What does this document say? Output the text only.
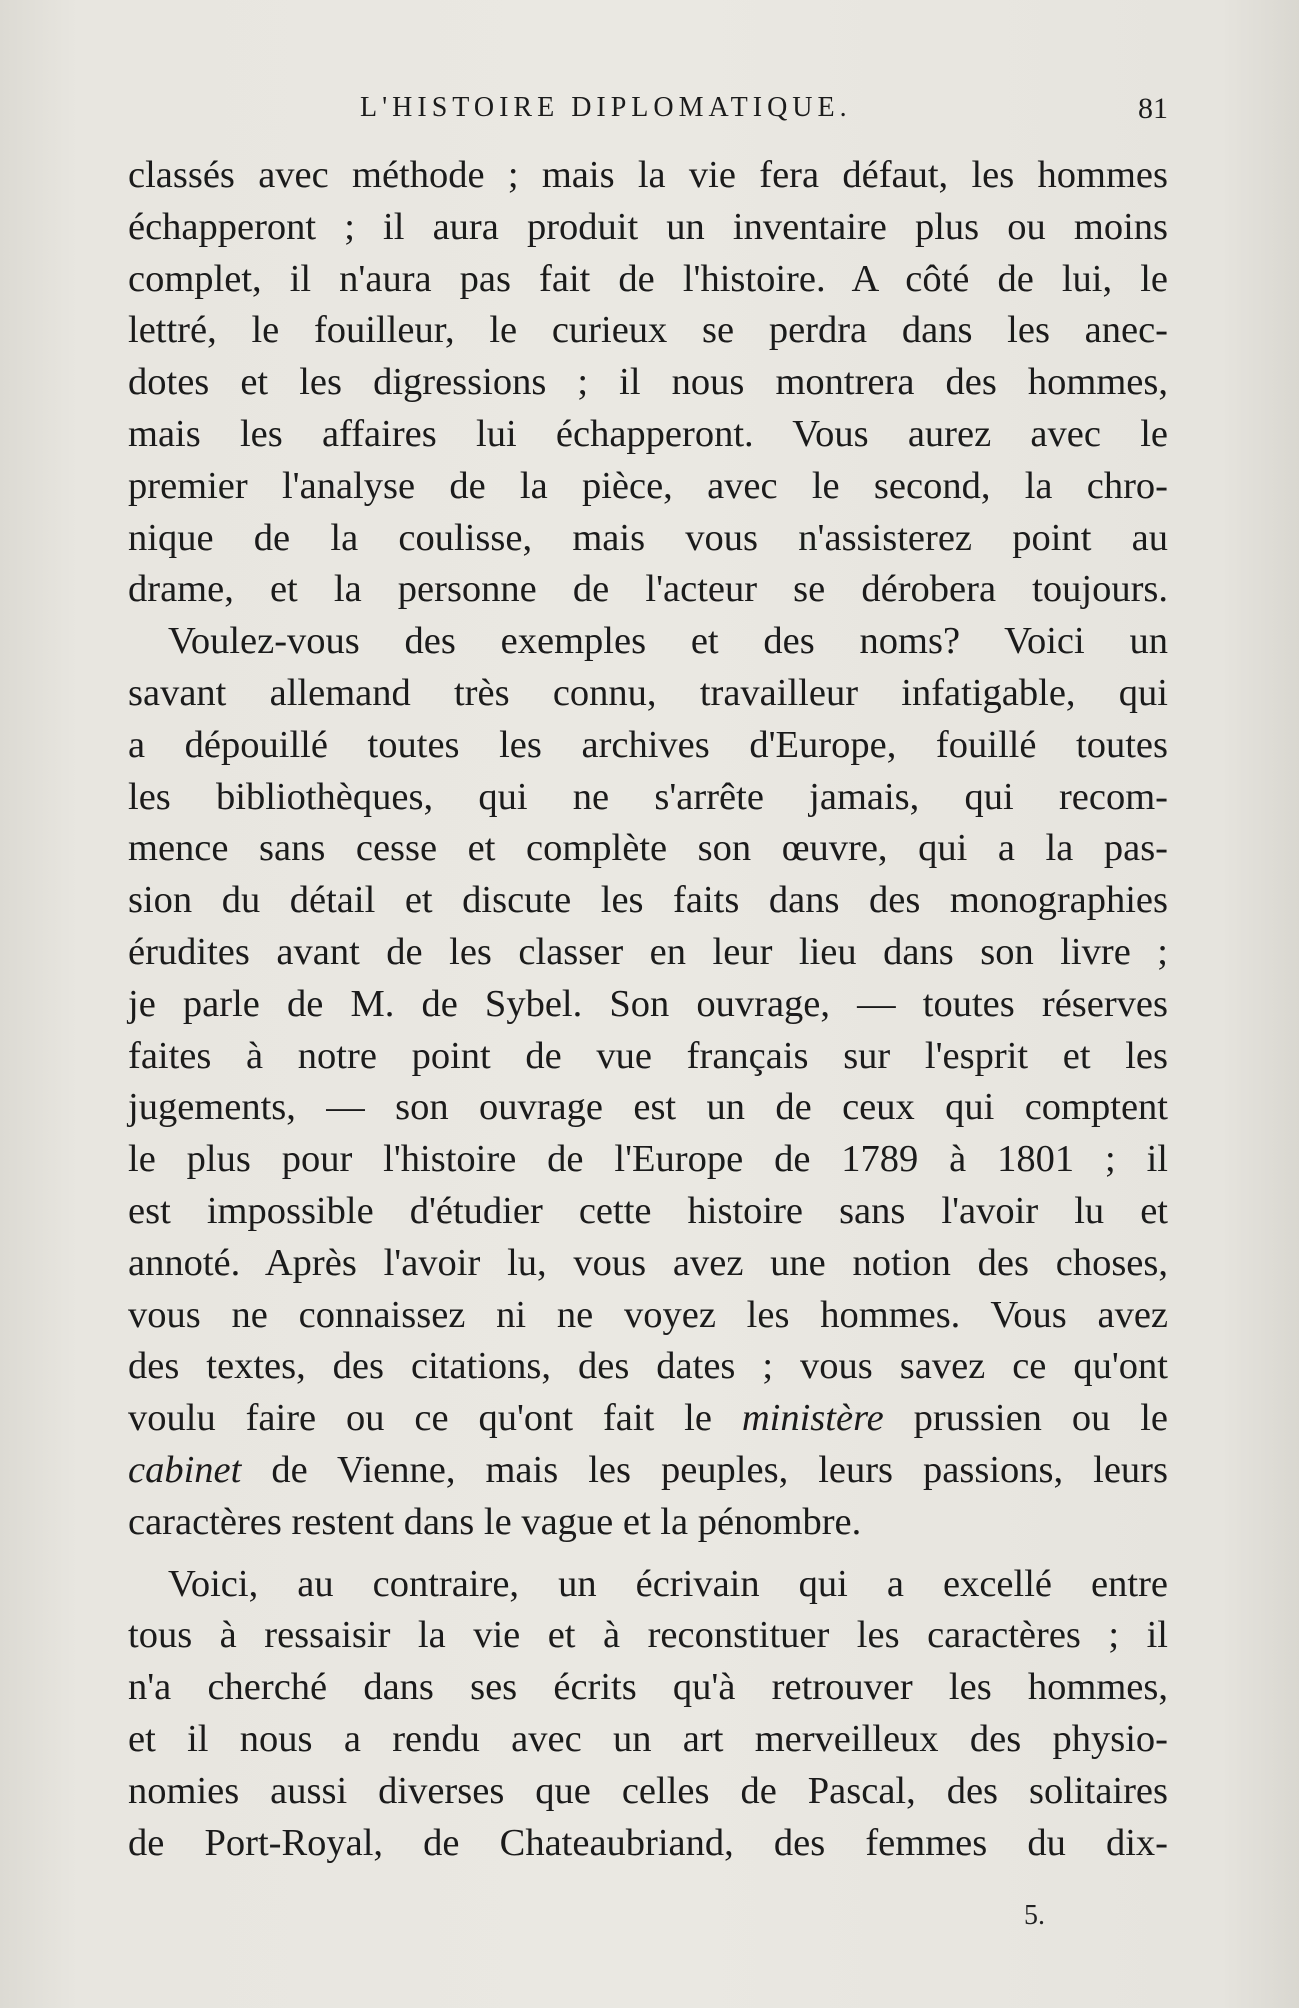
L'HISTOIRE DIPLOMATIQUE.	81
classés avec méthode ; mais la vie fera défaut, les hommes
échapperont ; il aura produit un inventaire plus ou moins
complet, il n'aura pas fait de l'histoire. A côté de lui, le
lettré, le fouilleur, le curieux se perdra dans les anec-
dotes et les digressions ; il nous montrera des hommes,
mais les affaires lui échapperont. Vous aurez avec le
premier l'analyse de la pièce, avec le second, la chro-
nique de la coulisse, mais vous n'assisterez point au
drame, et la personne de l'acteur se dérobera toujours.
Voulez-vous des exemples et des noms? Voici un
savant allemand très connu, travailleur infatigable, qui
a dépouillé toutes les archives d'Europe, fouillé toutes
les bibliothèques, qui ne s'arrête jamais, qui recom-
mence sans cesse et complète son œuvre, qui a la pas-
sion du détail et discute les faits dans des monographies
érudites avant de les classer en leur lieu dans son livre ;
je parle de M. de Sybel. Son ouvrage, — toutes réserves
faites à notre point de vue français sur l'esprit et les
jugements, — son ouvrage est un de ceux qui comptent
le plus pour l'histoire de l'Europe de 1789 à 1801 ; il
est impossible d'étudier cette histoire sans l'avoir lu et
annoté. Après l'avoir lu, vous avez une notion des choses,
vous ne connaissez ni ne voyez les hommes. Vous avez
des textes, des citations, des dates ; vous savez ce qu'ont
voulu faire ou ce qu'ont fait le ministère prussien ou le
cabinet de Vienne, mais les peuples, leurs passions, leurs
caractères restent dans le vague et la pénombre.
Voici, au contraire, un écrivain qui a excellé entre
tous à ressaisir la vie et à reconstituer les caractères ; il
n'a cherché dans ses écrits qu'à retrouver les hommes,
et il nous a rendu avec un art merveilleux des physio-
nomies aussi diverses que celles de Pascal, des solitaires
de Port-Royal, de Chateaubriand, des femmes du dix-
5.
